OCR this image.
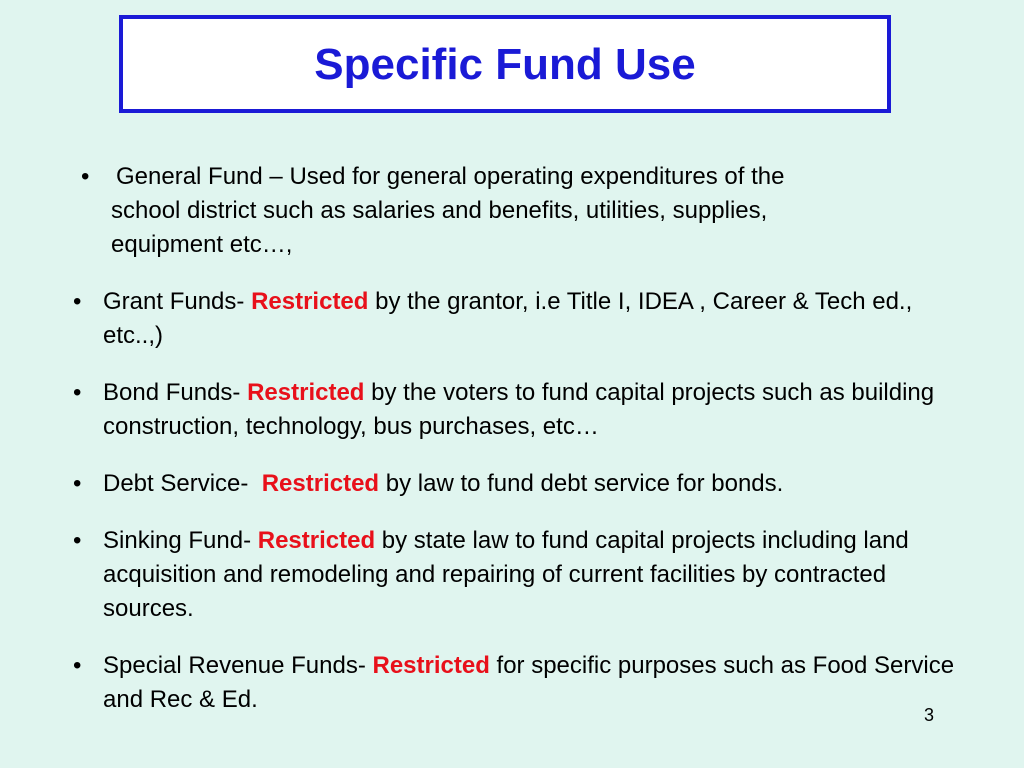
Specific Fund Use
•	General Fund – Used for general operating expenditures of the
school district such as salaries and benefits, utilities, supplies,
equipment etc…,
• Grant Funds- Restricted by the grantor, i.e Title I, IDEA , Career & Tech ed., etc..,)
• Bond Funds- Restricted by the voters to fund capital projects such as building construction, technology, bus purchases, etc…
• Debt Service-  Restricted by law to fund debt service for bonds.
• Sinking Fund- Restricted by state law to fund capital projects including land acquisition and remodeling and repairing of current facilities by contracted sources.
• Special Revenue Funds- Restricted for specific purposes such as Food Service and Rec & Ed.
3
